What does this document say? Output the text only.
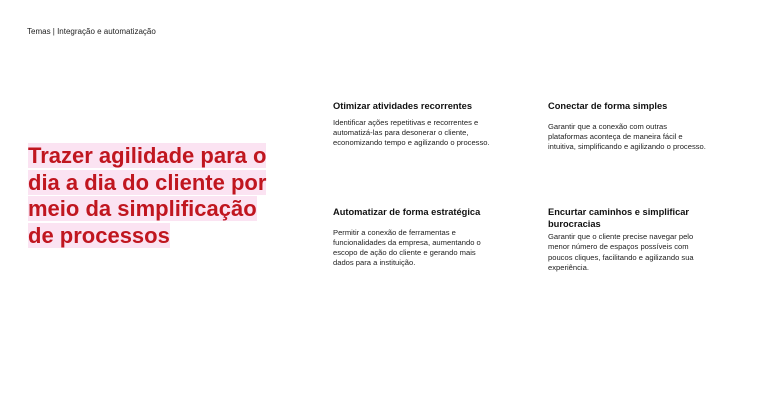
Temas | Integração e automatização
Trazer agilidade para o dia a dia do cliente por meio da simplificação de processos
Otimizar atividades recorrentes

Identificar ações repetitivas e recorrentes e automatizá-las para desonerar o cliente, economizando tempo e agilizando o processo.

Conectar de forma simples

Garantir que a conexão com outras plataformas aconteça de maneira fácil e intuitiva, simplificando e agilizando o processo.

Automatizar de forma estratégica

Permitir a conexão de ferramentas e funcionalidades da empresa, aumentando o escopo de ação do cliente e gerando mais dados para a instituição.

Encurtar caminhos e simplificar burocracias

Garantir que o cliente precise navegar pelo menor número de espaços possíveis com poucos cliques, facilitando e agilizando sua experiência.
